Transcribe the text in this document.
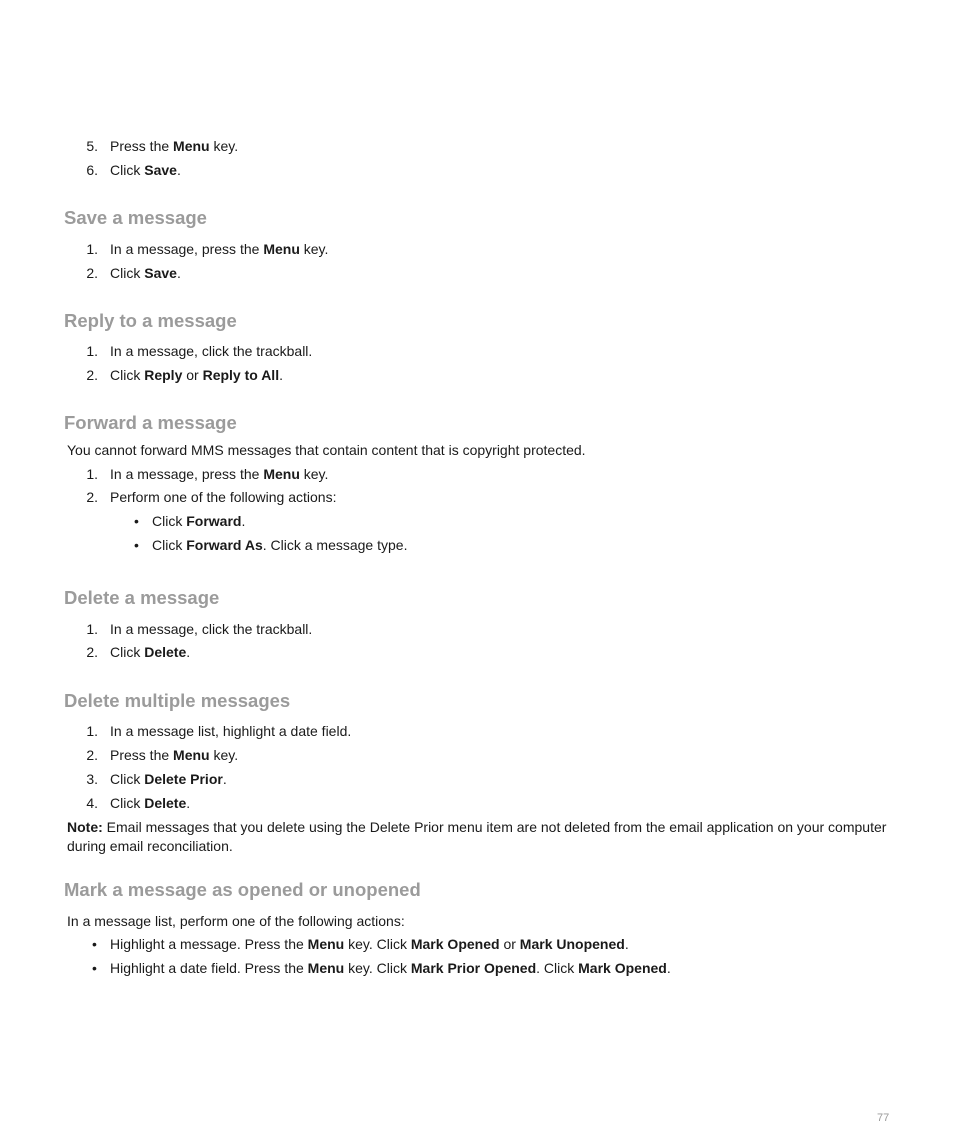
5. Press the Menu key.
6. Click Save.
Save a message
1. In a message, press the Menu key.
2. Click Save.
Reply to a message
1. In a message, click the trackball.
2. Click Reply or Reply to All.
Forward a message
You cannot forward MMS messages that contain content that is copyright protected.
1. In a message, press the Menu key.
2. Perform one of the following actions:
• Click Forward.
• Click Forward As. Click a message type.
Delete a message
1. In a message, click the trackball.
2. Click Delete.
Delete multiple messages
1. In a message list, highlight a date field.
2. Press the Menu key.
3. Click Delete Prior.
4. Click Delete.
Note: Email messages that you delete using the Delete Prior menu item are not deleted from the email application on your computer during email reconciliation.
Mark a message as opened or unopened
In a message list, perform one of the following actions:
• Highlight a message. Press the Menu key. Click Mark Opened or Mark Unopened.
• Highlight a date field. Press the Menu key. Click Mark Prior Opened. Click Mark Opened.
77
